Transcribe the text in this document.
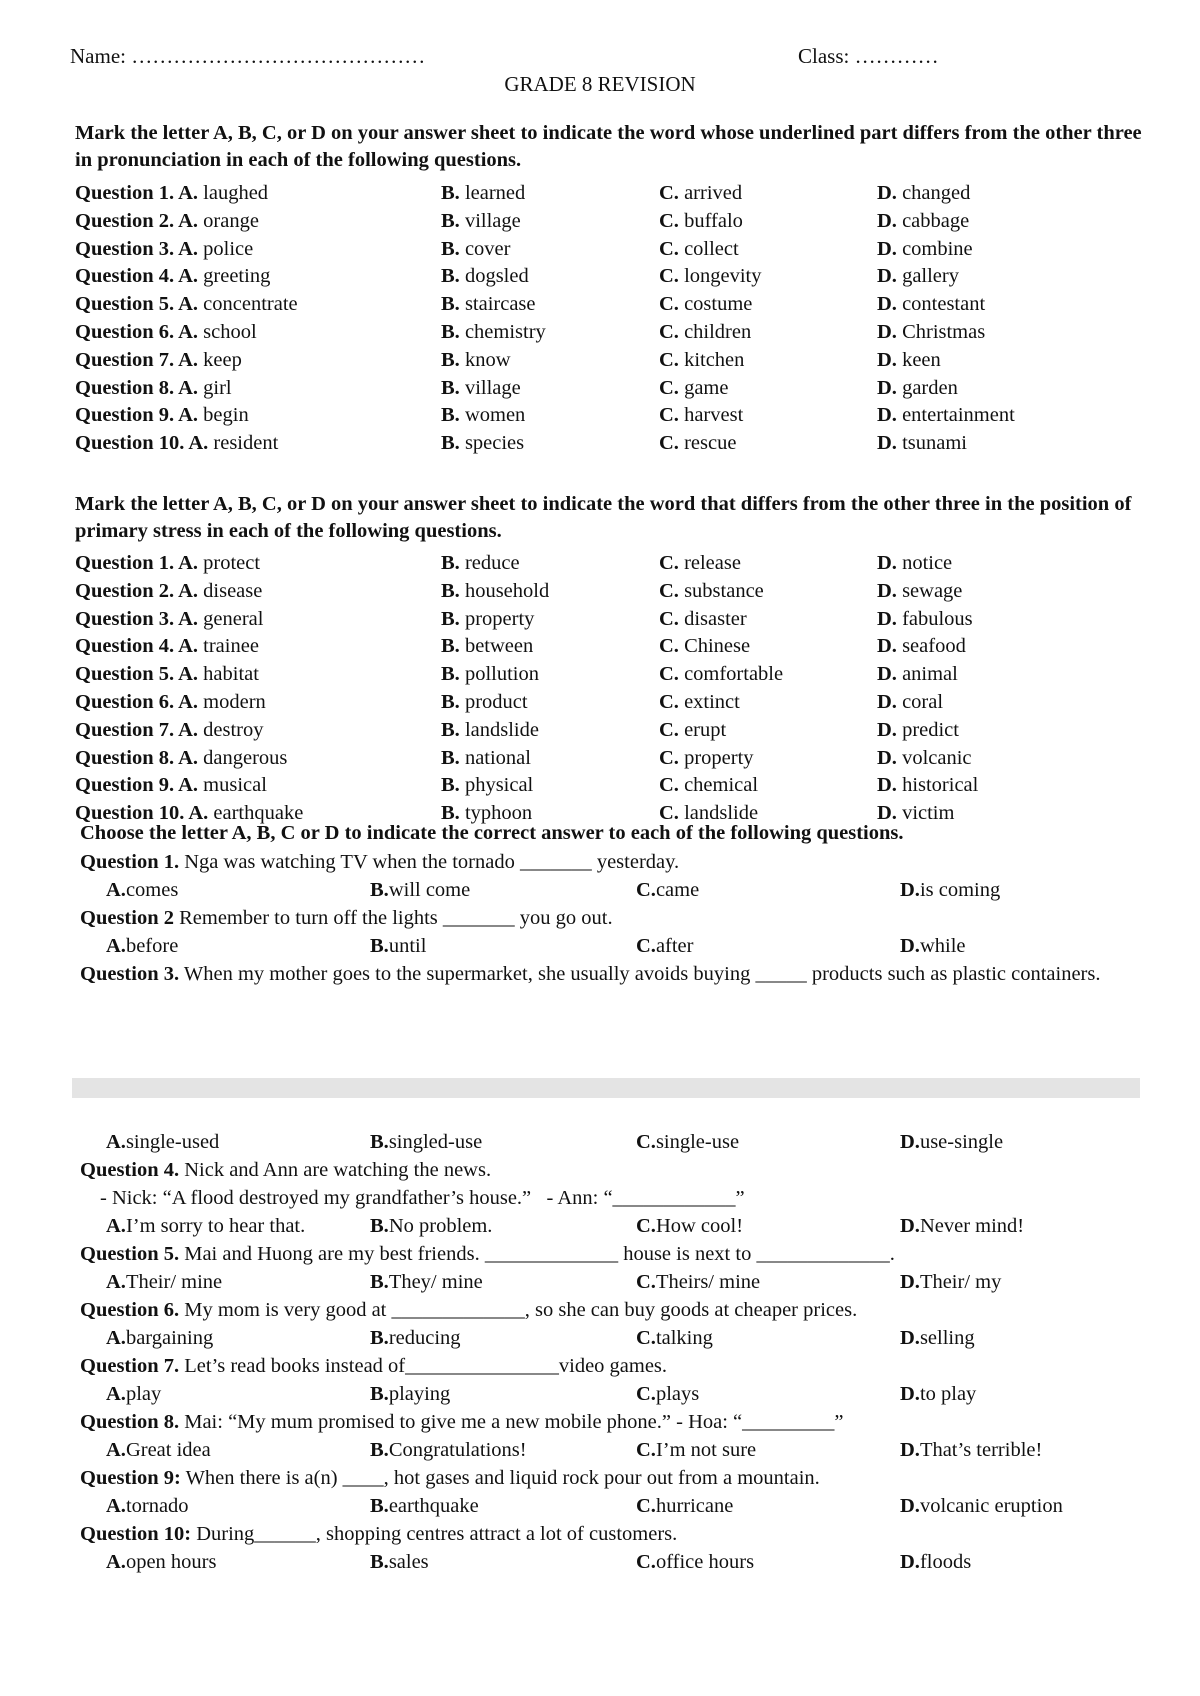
Name: ……………………………………	Class: …………
GRADE 8 REVISION
Mark the letter A, B, C, or D on your answer sheet to indicate the word whose underlined part differs from the other three in pronunciation in each of the following questions.
Question 1. A. laughed	B. learned	C. arrived	D. changed
Question 2. A. orange	B. village	C. buffalo	D. cabbage
Question 3. A. police	B. cover	C. collect	D. combine
Question 4. A. greeting	B. dogsled	C. longevity	D. gallery
Question 5. A. concentrate	B. staircase	C. costume	D. contestant
Question 6. A. school	B. chemistry	C. children	D. Christmas
Question 7. A. keep	B. know	C. kitchen	D. keen
Question 8. A. girl	B. village	C. game	D. garden
Question 9. A. begin	B. women	C. harvest	D. entertainment
Question 10. A. resident	B. species	C. rescue	D. tsunami
Mark the letter A, B, C, or D on your answer sheet to indicate the word that differs from the other three in the position of primary stress in each of the following questions.
Question 1. A. protect	B. reduce	C. release	D. notice
Question 2. A. disease	B. household	C. substance	D. sewage
Question 3. A. general	B. property	C. disaster	D. fabulous
Question 4. A. trainee	B. between	C. Chinese	D. seafood
Question 5. A. habitat	B. pollution	C. comfortable	D. animal
Question 6. A. modern	B. product	C. extinct	D. coral
Question 7. A. destroy	B. landslide	C. erupt	D. predict
Question 8. A. dangerous	B. national	C. property	D. volcanic
Question 9. A. musical	B. physical	C. chemical	D. historical
Question 10. A. earthquake	B. typhoon	C. landslide	D. victim
Choose the letter A, B, C or D to indicate the correct answer to each of the following questions.
Question 1. Nga was watching TV when the tornado _______ yesterday.
A. comes	B. will come	C. came	D. is coming
Question 2 Remember to turn off the lights _______ you go out.
A. before	B. until	C. after	D. while
Question 3. When my mother goes to the supermarket, she usually avoids buying _____ products such as plastic containers.
A. single-used	B. singled-use	C. single-use	D. use-single
Question 4. Nick and Ann are watching the news.
- Nick: “A flood destroyed my grandfather’s house.” - Ann: “____________”
A. I’m sorry to hear that.	B. No problem.	C. How cool!	D. Never mind!
Question 5. Mai and Huong are my best friends. _____________ house is next to _____________.
A. Their/ mine	B. They/ mine	C. Theirs/ mine	D. Their/ my
Question 6. My mom is very good at _____________, so she can buy goods at cheaper prices.
A. bargaining	B. reducing	C. talking	D. selling
Question 7. Let’s read books instead of_______________video games.
A. play	B. playing	C. plays	D. to play
Question 8. Mai: “My mum promised to give me a new mobile phone.” - Hoa: “_________”
A. Great idea	B. Congratulations!	C. I’m not sure	D. That’s terrible!
Question 9: When there is a(n) ____, hot gases and liquid rock pour out from a mountain.
A. tornado	B. earthquake	C. hurricane	D. volcanic eruption
Question 10: During______, shopping centres attract a lot of customers.
A. open hours	B. sales	C. office hours	D. floods
